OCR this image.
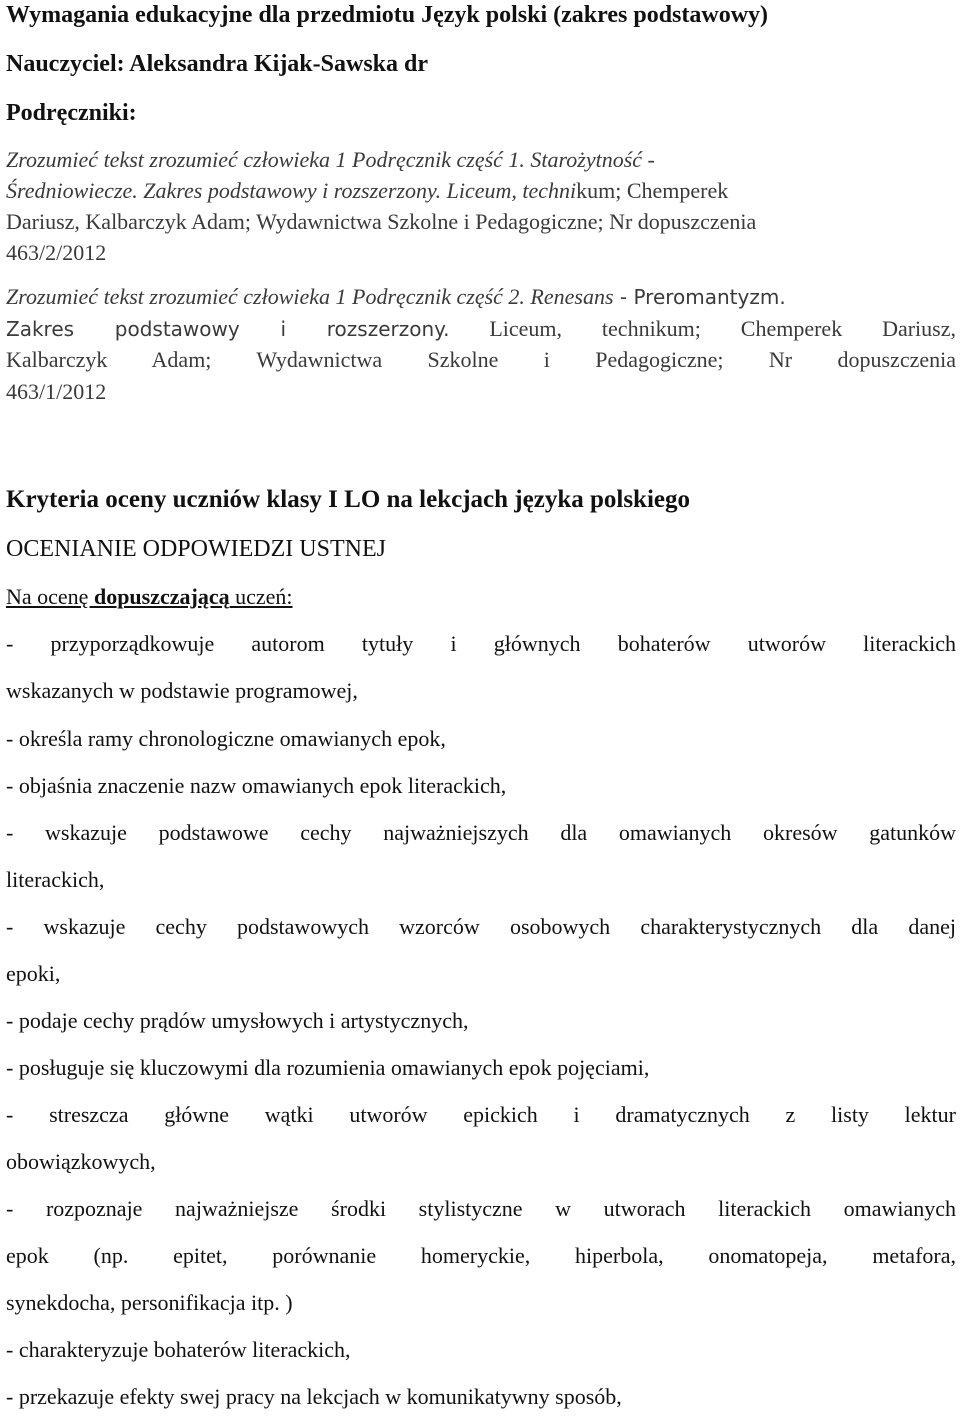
Wymagania edukacyjne dla przedmiotu Język polski (zakres podstawowy)
Nauczyciel: Aleksandra Kijak-Sawska dr
Podręczniki:
Zrozumieć tekst zrozumieć człowieka 1 Podręcznik część 1. Starożytność -
Średniowiecze. Zakres podstawowy i rozszerzony. Liceum, technikum; Chemperek
Dariusz, Kalbarczyk Adam; Wydawnictwa Szkolne i Pedagogiczne; Nr dopuszczenia
463/2/2012
Zrozumieć tekst zrozumieć człowieka 1 Podręcznik część 2. Renesans - Preromantyzm.
Zakres podstawowy i rozszerzony. Liceum, technikum; Chemperek Dariusz,
Kalbarczyk Adam; Wydawnictwa Szkolne i Pedagogiczne; Nr dopuszczenia
463/1/2012
Kryteria oceny uczniów klasy I LO na lekcjach języka polskiego
OCENIANIE ODPOWIEDZI USTNEJ
Na ocenę dopuszczającą uczeń:
- przyporządkowuje autorom tytuły i głównych bohaterów utworów literackich
wskazanych w podstawie programowej,
- określa ramy chronologiczne omawianych epok,
- objaśnia znaczenie nazw omawianych epok literackich,
- wskazuje podstawowe cechy najważniejszych dla omawianych okresów gatunków
literackich,
- wskazuje cechy podstawowych wzorców osobowych charakterystycznych dla danej
epoki,
- podaje cechy prądów umysłowych i artystycznych,
- posługuje się kluczowymi dla rozumienia omawianych epok pojęciami,
- streszcza główne wątki utworów epickich i dramatycznych z listy lektur
obowiązkowych,
- rozpoznaje najważniejsze środki stylistyczne w utworach literackich omawianych
epok (np. epitet, porównanie homeryckie, hiperbola, onomatopeja, metafora,
synekdocha, personifikacja itp. )
- charakteryzuje bohaterów literackich,
- przekazuje efekty swej pracy na lekcjach w komunikatywny sposób,
